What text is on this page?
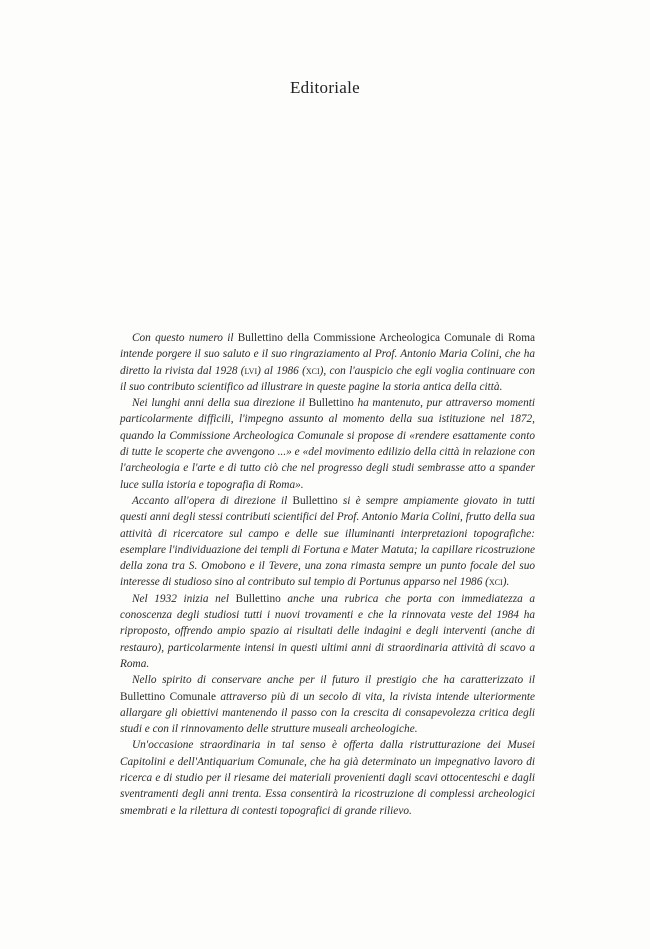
Editoriale

Con questo numero il Bullettino della Commissione Archeologica Comunale di Roma intende porgere il suo saluto e il suo ringraziamento al Prof. Antonio Maria Colini, che ha diretto la rivista dal 1928 (lvi) al 1986 (xci), con l'auspicio che egli voglia continuare con il suo contributo scientifico ad illustrare in queste pagine la storia antica della città.

Nei lunghi anni della sua direzione il Bullettino ha mantenuto, pur attraverso momenti particolarmente difficili, l'impegno assunto al momento della sua istituzione nel 1872, quando la Commissione Archeologica Comunale si propose di «rendere esattamente conto di tutte le scoperte che avvengono ...» e «del movimento edilizio della città in relazione con l'archeologia e l'arte e di tutto ciò che nel progresso degli studi sembrasse atto a spander luce sulla istoria e topografia di Roma».

Accanto all'opera di direzione il Bullettino si è sempre ampiamente giovato in tutti questi anni degli stessi contributi scientifici del Prof. Antonio Maria Colini, frutto della sua attività di ricercatore sul campo e delle sue illuminanti interpretazioni topografiche: esemplare l'individuazione dei templi di Fortuna e Mater Matuta; la capillare ricostruzione della zona tra S. Omobono e il Tevere, una zona rimasta sempre un punto focale del suo interesse di studioso sino al contributo sul tempio di Portunus apparso nel 1986 (xci).

Nel 1932 inizia nel Bullettino anche una rubrica che porta con immediatezza a conoscenza degli studiosi tutti i nuovi trovamenti e che la rinnovata veste del 1984 ha riproposto, offrendo ampio spazio ai risultati delle indagini e degli interventi (anche di restauro), particolarmente intensi in questi ultimi anni di straordinaria attività di scavo a Roma.

Nello spirito di conservare anche per il futuro il prestigio che ha caratterizzato il Bullettino Comunale attraverso più di un secolo di vita, la rivista intende ulteriormente allargare gli obiettivi mantenendo il passo con la crescita di consapevolezza critica degli studi e con il rinnovamento delle strutture museali archeologiche.

Un'occasione straordinaria in tal senso è offerta dalla ristrutturazione dei Musei Capitolini e dell'Antiquarium Comunale, che ha già determinato un impegnativo lavoro di ricerca e di studio per il riesame dei materiali provenienti dagli scavi ottocenteschi e dagli sventramenti degli anni trenta. Essa consentirà la ricostruzione di complessi archeologici smembrati e la rilettura di contesti topografici di grande rilievo.
